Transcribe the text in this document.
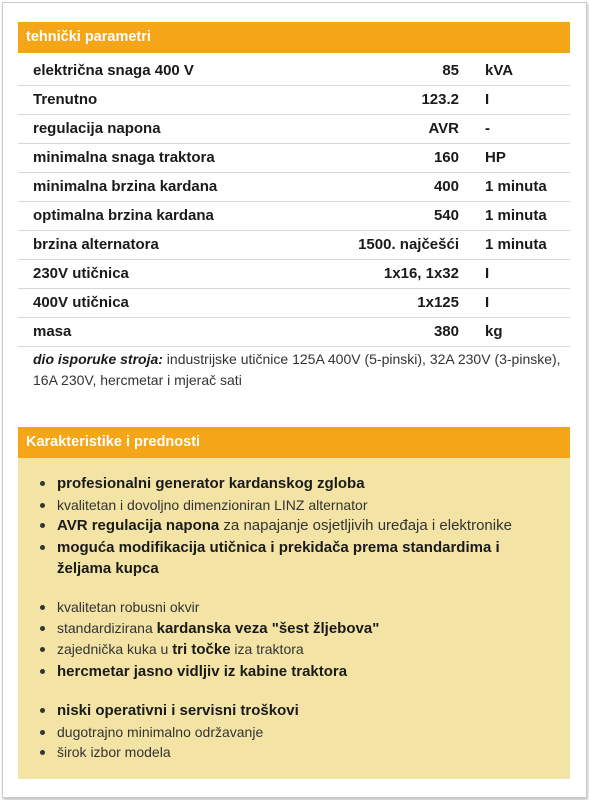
tehnički parametri
električna snaga 400 V	85	kVA
Trenutno	123.2	I
regulacija napona	AVR	-
minimalna snaga traktora	160	HP
minimalna brzina kardana	400	1 minuta
optimalna brzina kardana	540	1 minuta
brzina alternatora	1500. najčešći	1 minuta
230V utičnica	1x16, 1x32	I
400V utičnica	1x125	I
masa	380	kg
dio isporuke stroja: industrijske utičnice 125A 400V (5-pinski), 32A 230V (3-pinske), 16A 230V, hercmetar i mjerač sati
Karakteristike i prednosti
profesionalni generator kardanskog zgloba
kvalitetan i dovoljno dimenzioniran LINZ alternator
AVR regulacija napona za napajanje osjetljivih uređaja i elektronike
moguća modifikacija utičnica i prekidača prema standardima i željama kupca
kvalitetan robusni okvir
standardizirana kardanska veza "šest žljebova"
zajednička kuka u tri točke iza traktora
hercmetar jasno vidljiv iz kabine traktora
niski operativni i servisni troškovi
dugotrajno minimalno održavanje
širok izbor modela
